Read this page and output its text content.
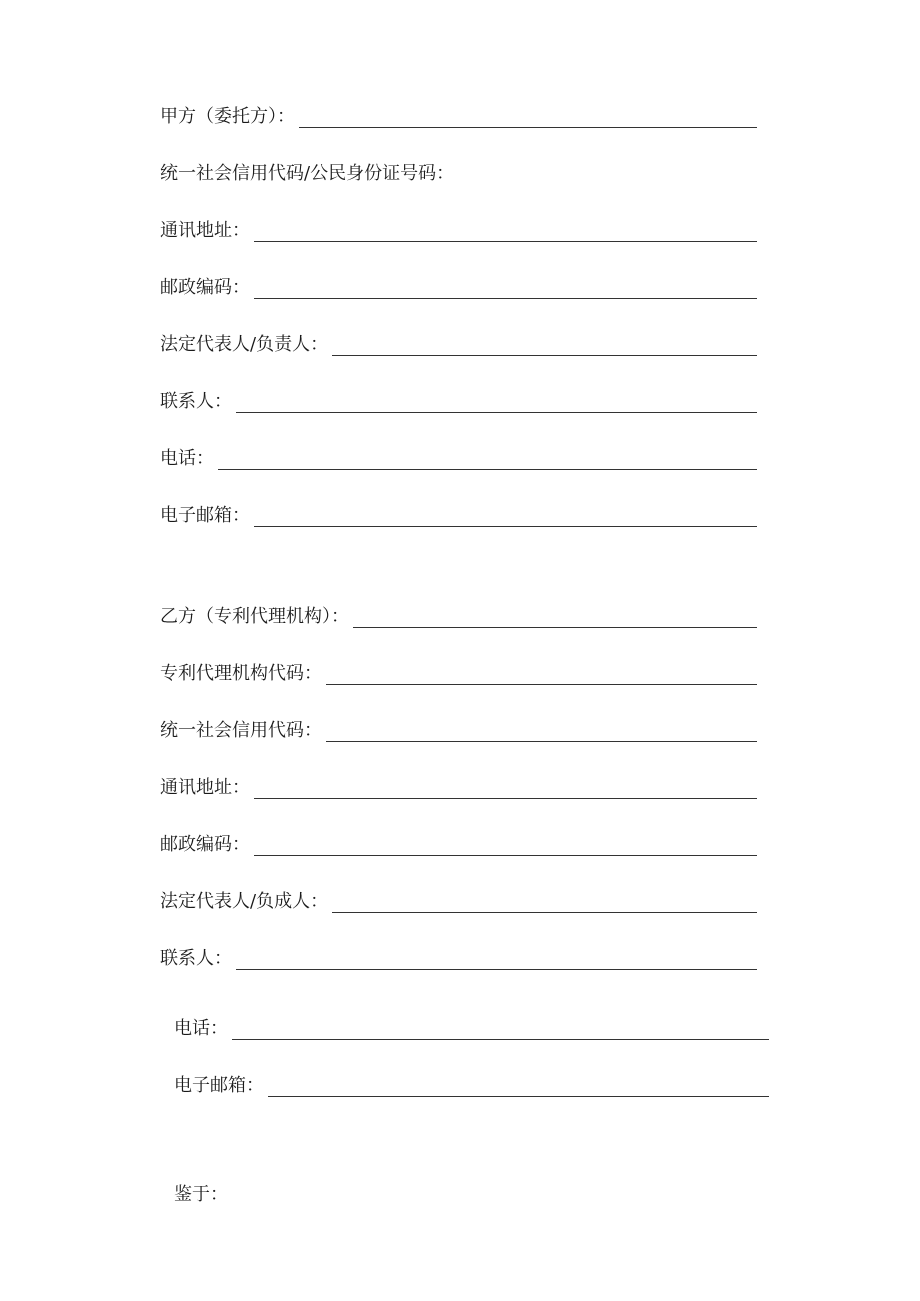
甲方（委托方）：
统一社会信用代码/公民身份证号码：
通讯地址：
邮政编码：
法定代表人/负责人：
联系人：
电话：
电子邮箱：
乙方（专利代理机构）：
专利代理机构代码：
统一社会信用代码：
通讯地址：
邮政编码：
法定代表人/负成人：
联系人：
电话：
电子邮箱：
鉴于：
